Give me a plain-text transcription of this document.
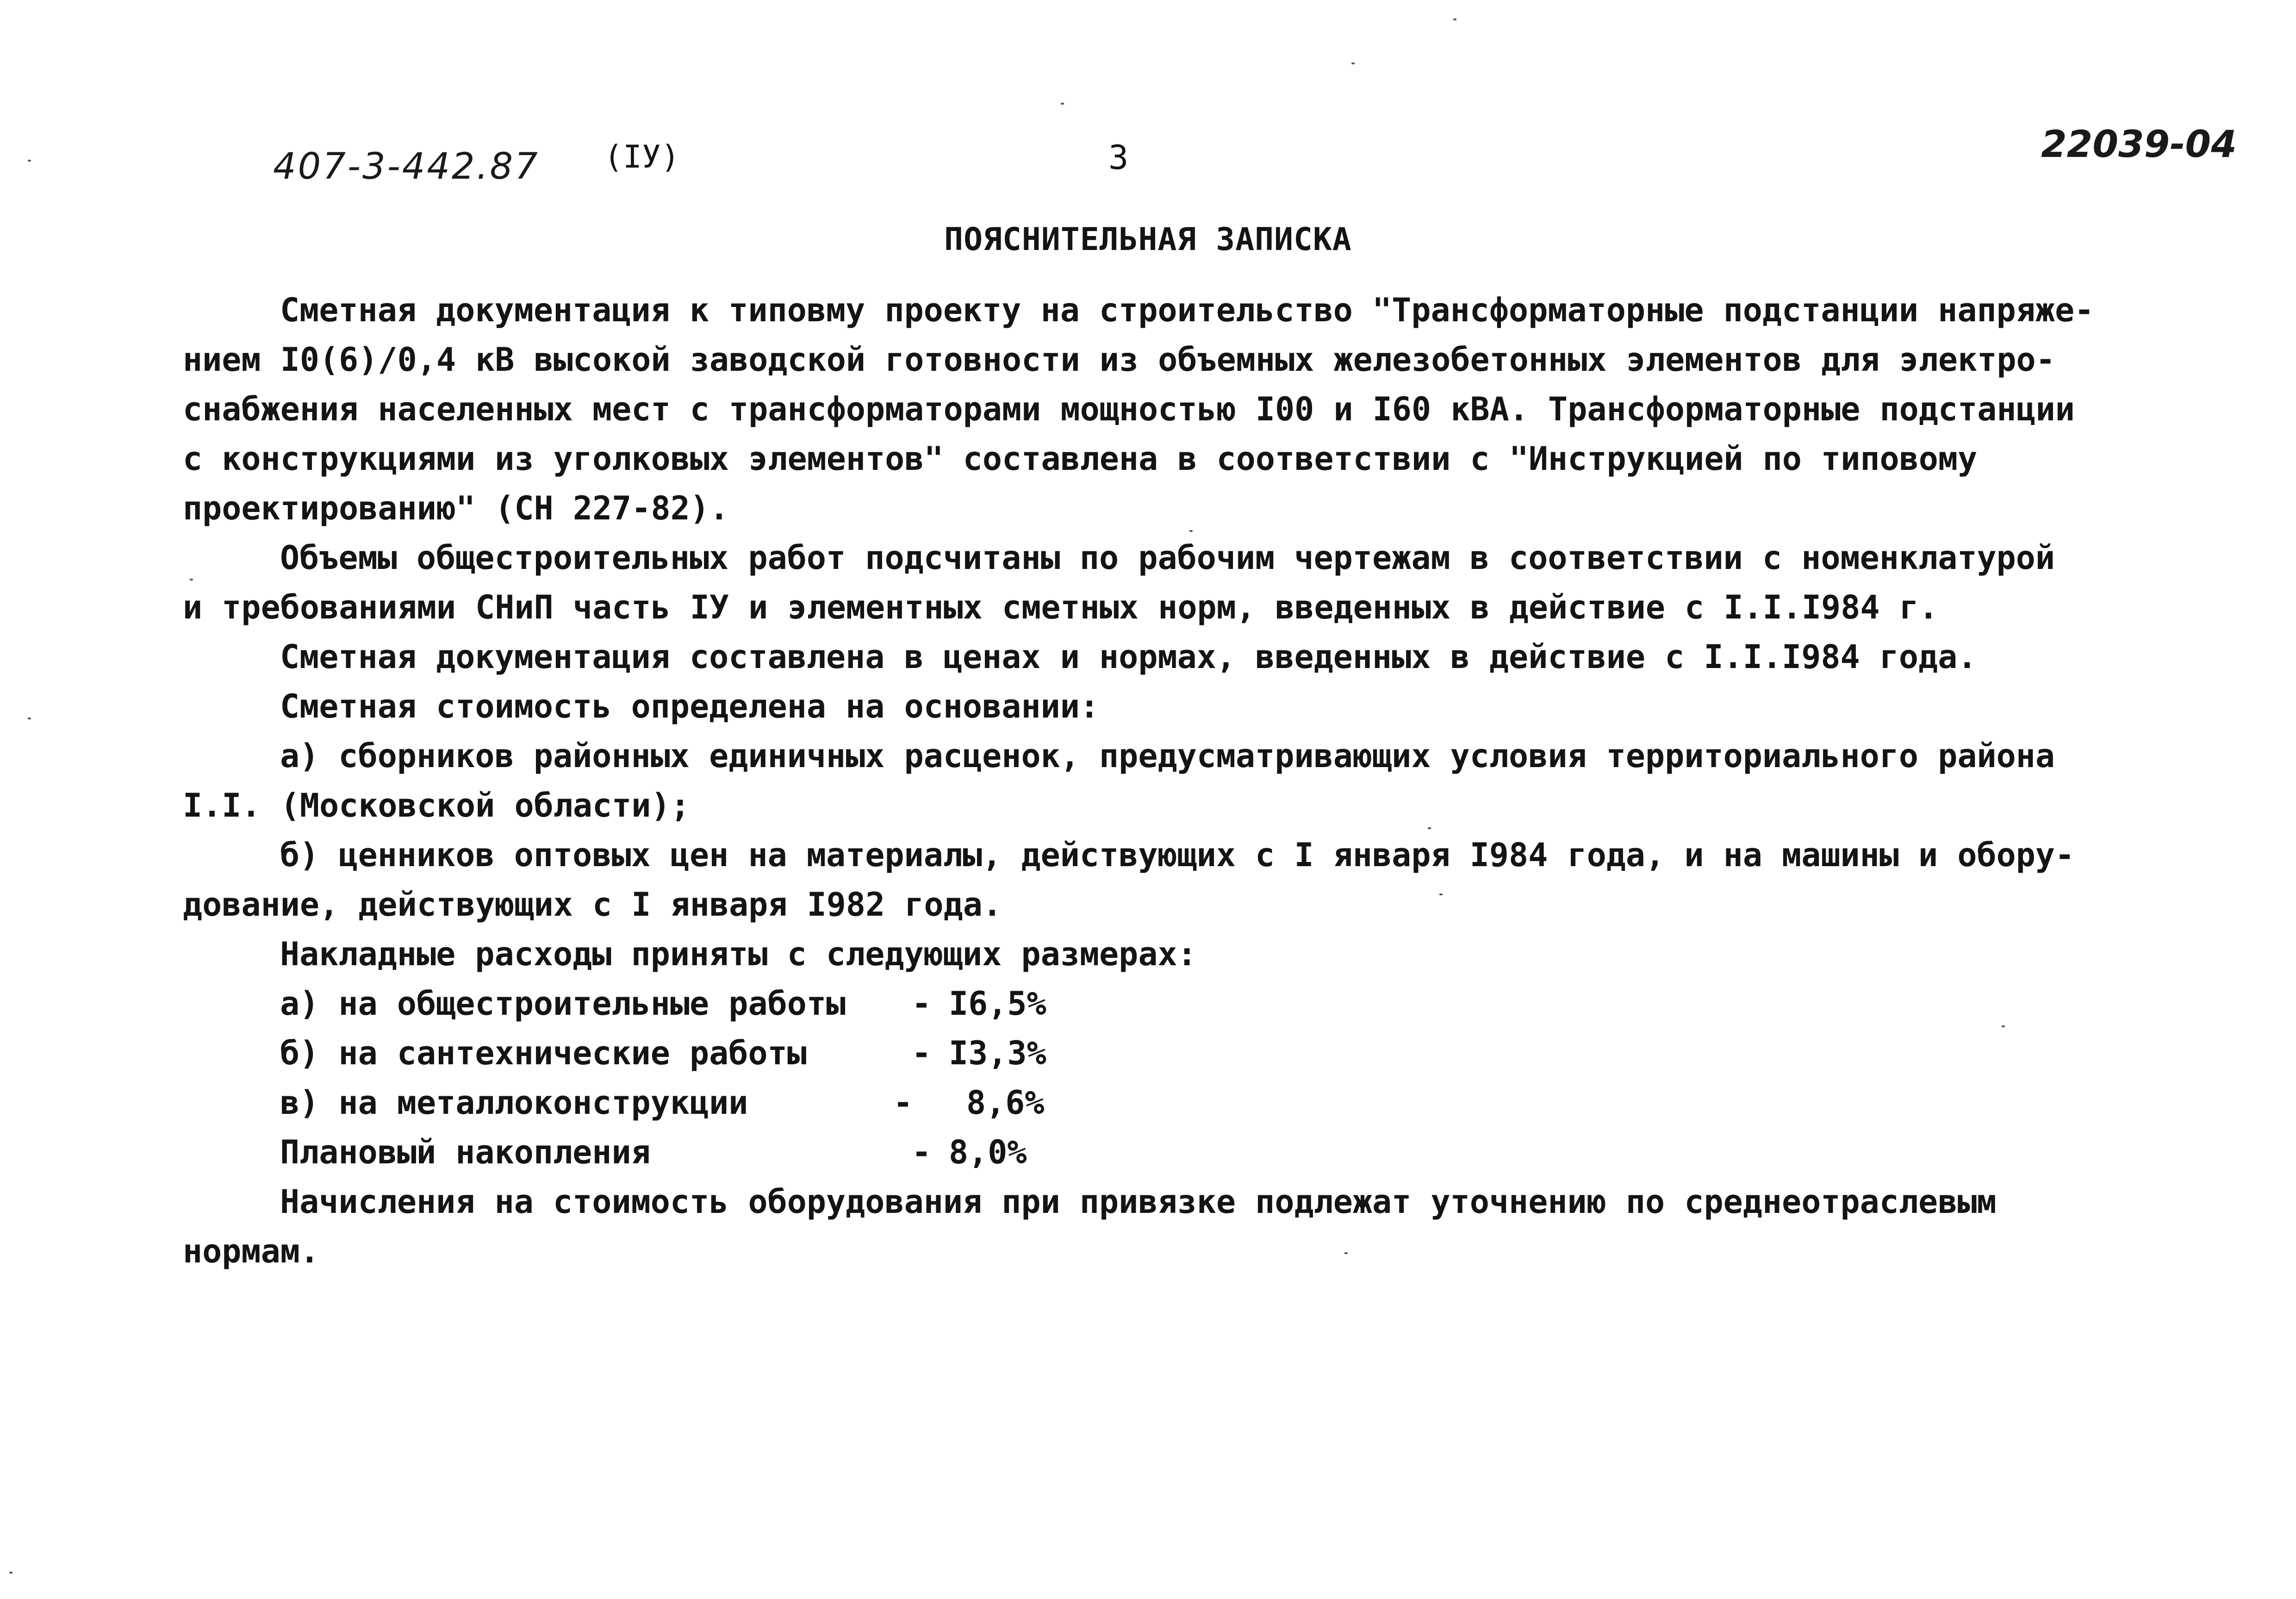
407-3-442.87 (IУ)	3	22039-04
ПОЯСНИТЕЛЬНАЯ ЗАПИСКА
Сметная документация к типовму проекту на строительство "Трансформаторные подстанции напряже-
нием I0(6)/0,4 кВ высокой заводской готовности из объемных железобетонных элементов для электро-
снабжения населенных мест с трансформаторами мощностью I00 и I60 кВА. Трансформаторные подстанции
с конструкциями из уголковых элементов" составлена в соответствии с "Инструкцией по типовому
проектированию" (СН 227-82).
Объемы общестроительных работ подсчитаны по рабочим чертежам в соответствии с номенклатурой
и требованиями СНиП часть IУ и элементных сметных норм, введенных в действие с I.I.I984 г.
Сметная документация составлена в ценах и нормах, введенных в действие с I.I.I984 года.
Сметная стоимость определена на основании:
а) сборников районных единичных расценок, предусматривающих условия территориального района
I.I. (Московской области);
б) ценников оптовых цен на материалы, действующих с I января I984 года, и на машины и обору-
дование, действующих с I января I982 года.
Накладные расходы приняты с следующих размерах:
а) на общестроительные работы - I6,5%
б) на сантехнические работы	- I3,3%
в) на металлоконструкции	- 8,6%
Плановый накопления	- 8,0%
Начисления на стоимость оборудования при привязке подлежат уточнению по среднеотраслевым
нормам.
